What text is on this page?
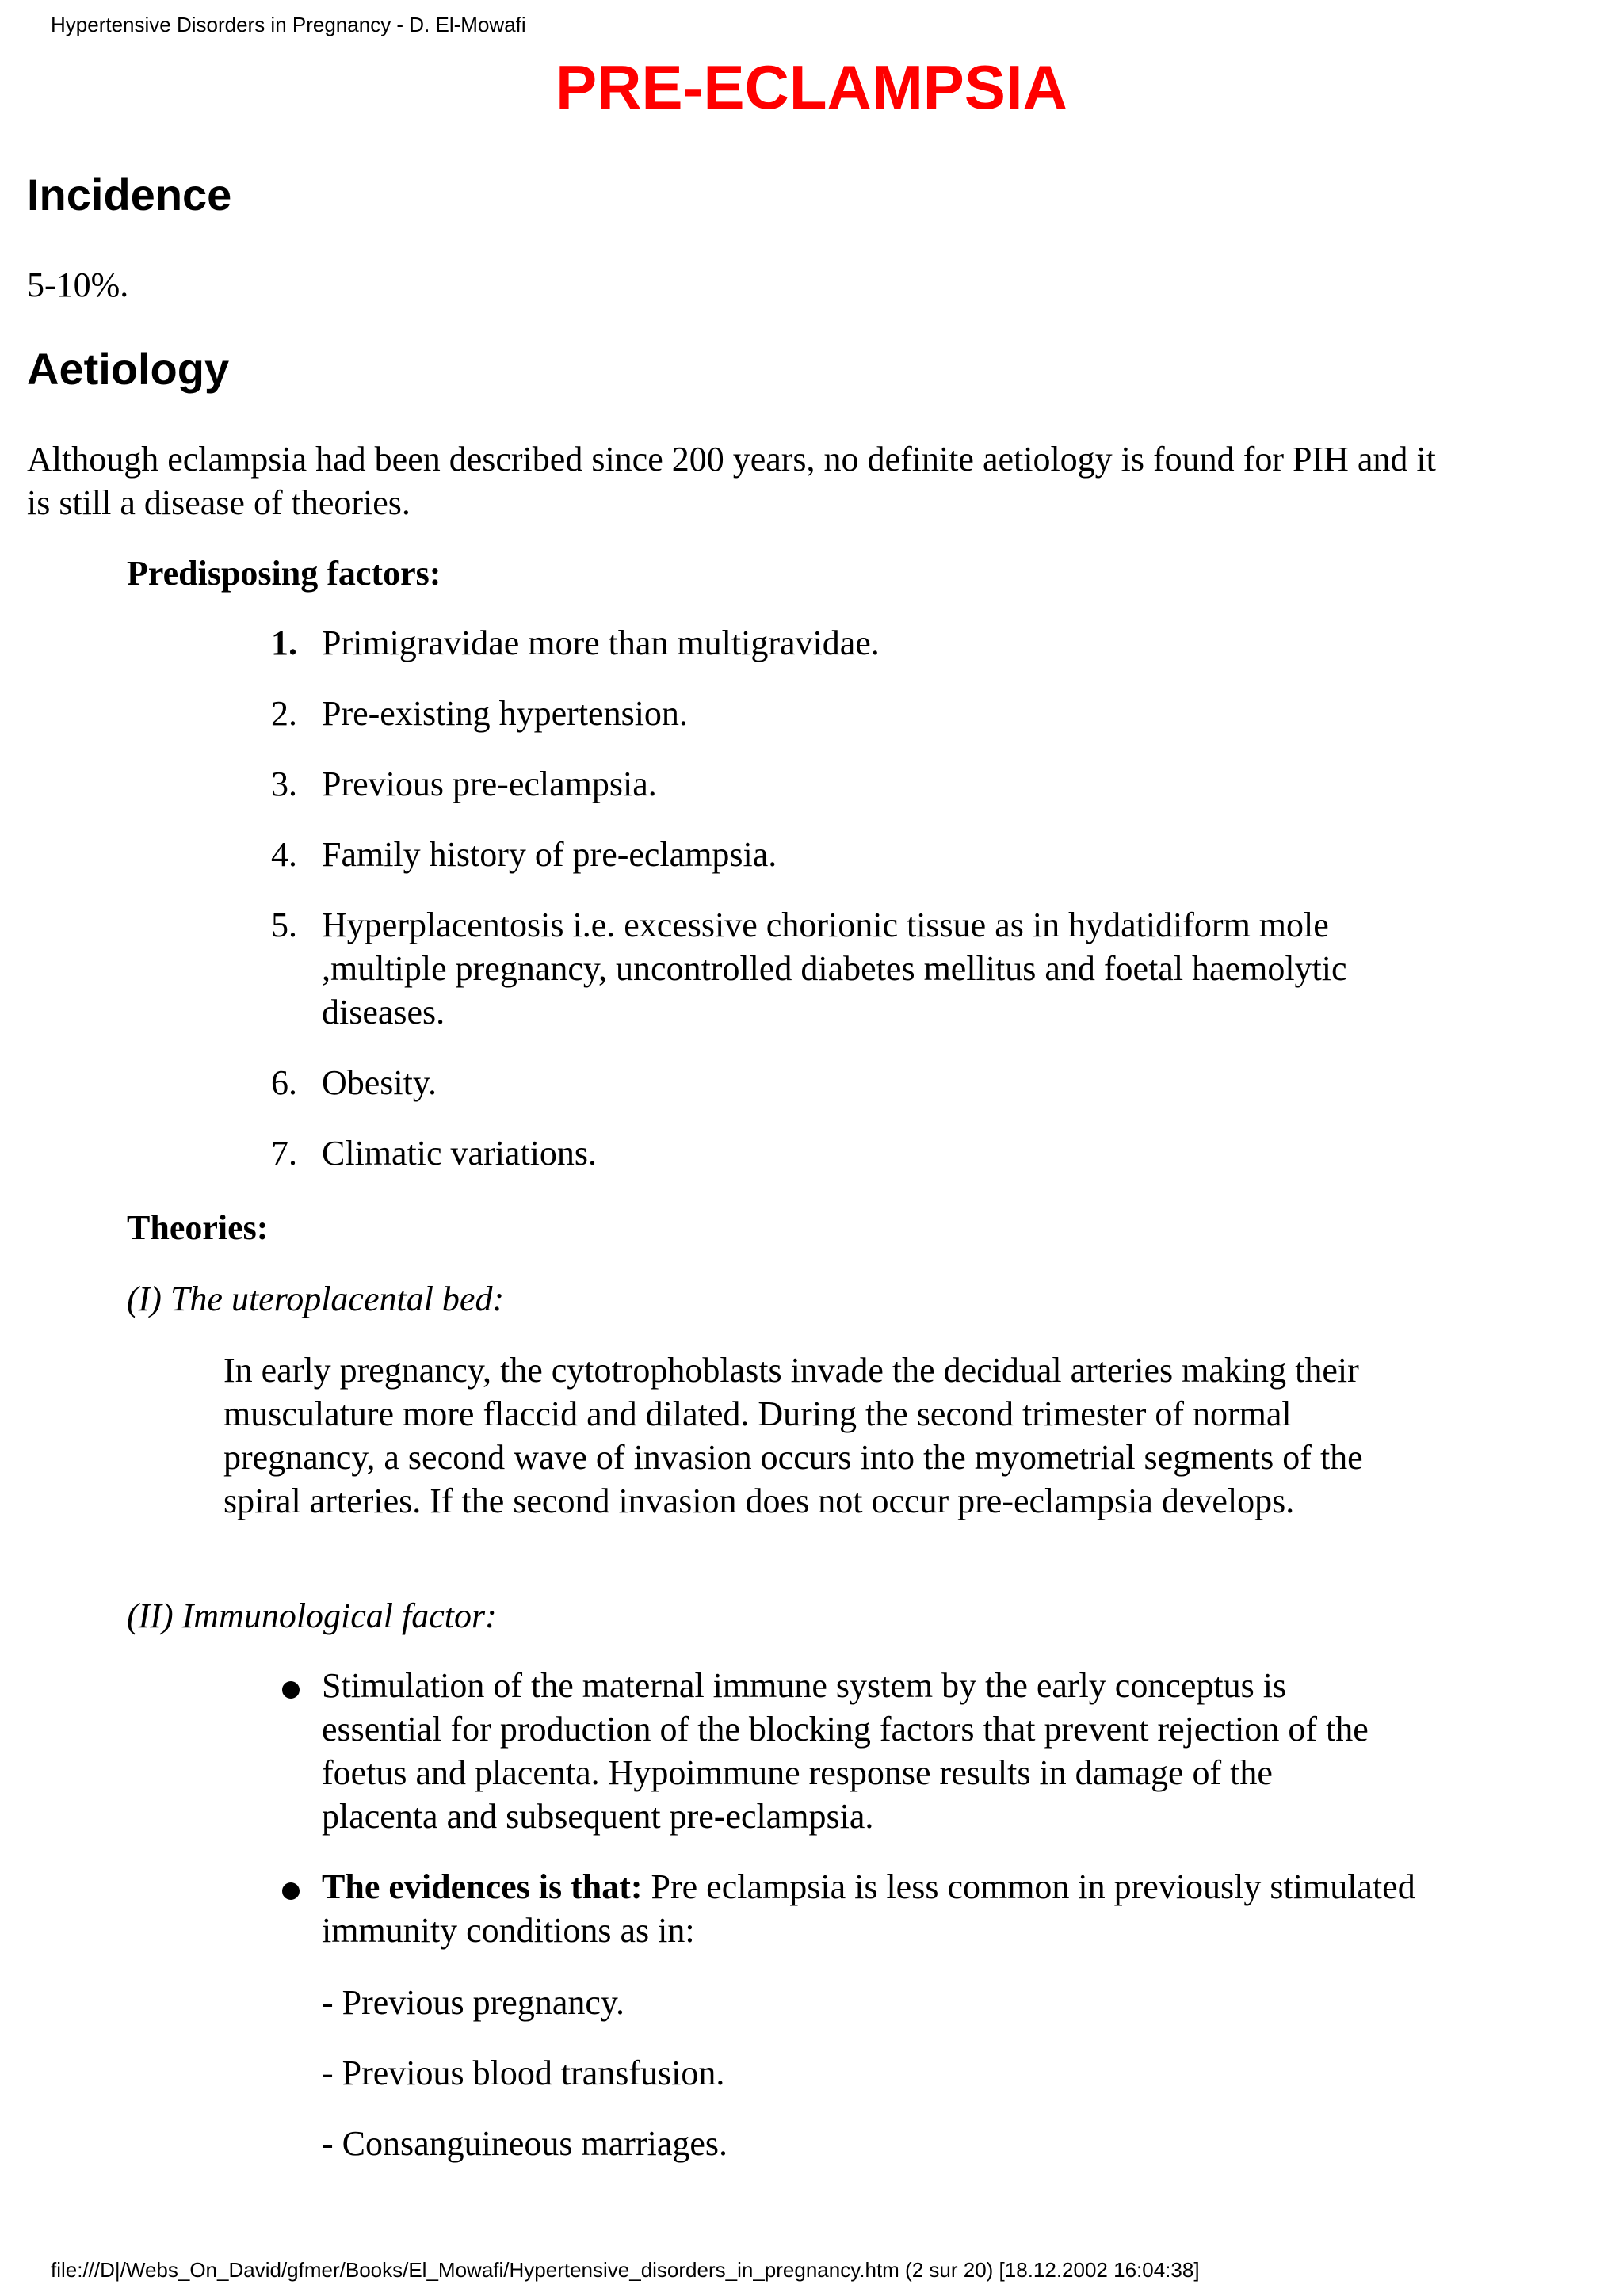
Hypertensive Disorders in Pregnancy - D. El-Mowafi
PRE-ECLAMPSIA
Incidence

5-10%.

Aetiology
Although eclampsia had been described since 200 years, no definite aetiology is found for PIH and it
is still a disease of theories.
Predisposing factors:
1. Primigravidae more than multigravidae.
2. Pre-existing hypertension.
3. Previous pre-eclampsia.
4. Family history of pre-eclampsia.
5. Hyperplacentosis i.e. excessive chorionic tissue as in hydatidiform mole ,multiple pregnancy, uncontrolled diabetes mellitus and foetal haemolytic diseases.
6. Obesity.
7. Climatic variations.
Theories:
(I) The uteroplacental bed:
In early pregnancy, the cytotrophoblasts invade the decidual arteries making their musculature more flaccid and dilated. During the second trimester of normal pregnancy, a second wave of invasion occurs into the myometrial segments of the spiral arteries. If the second invasion does not occur pre-eclampsia develops.
(II) Immunological factor:
Stimulation of the maternal immune system by the early conceptus is essential for production of the blocking factors that prevent rejection of the foetus and placenta. Hypoimmune response results in damage of the placenta and subsequent pre-eclampsia.
The evidences is that: Pre eclampsia is less common in previously stimulated immunity conditions as in:
- Previous pregnancy.
- Previous blood transfusion.
- Consanguineous marriages.
file:///D|/Webs_On_David/gfmer/Books/El_Mowafi/Hypertensive_disorders_in_pregnancy.htm (2 sur 20) [18.12.2002 16:04:38]
